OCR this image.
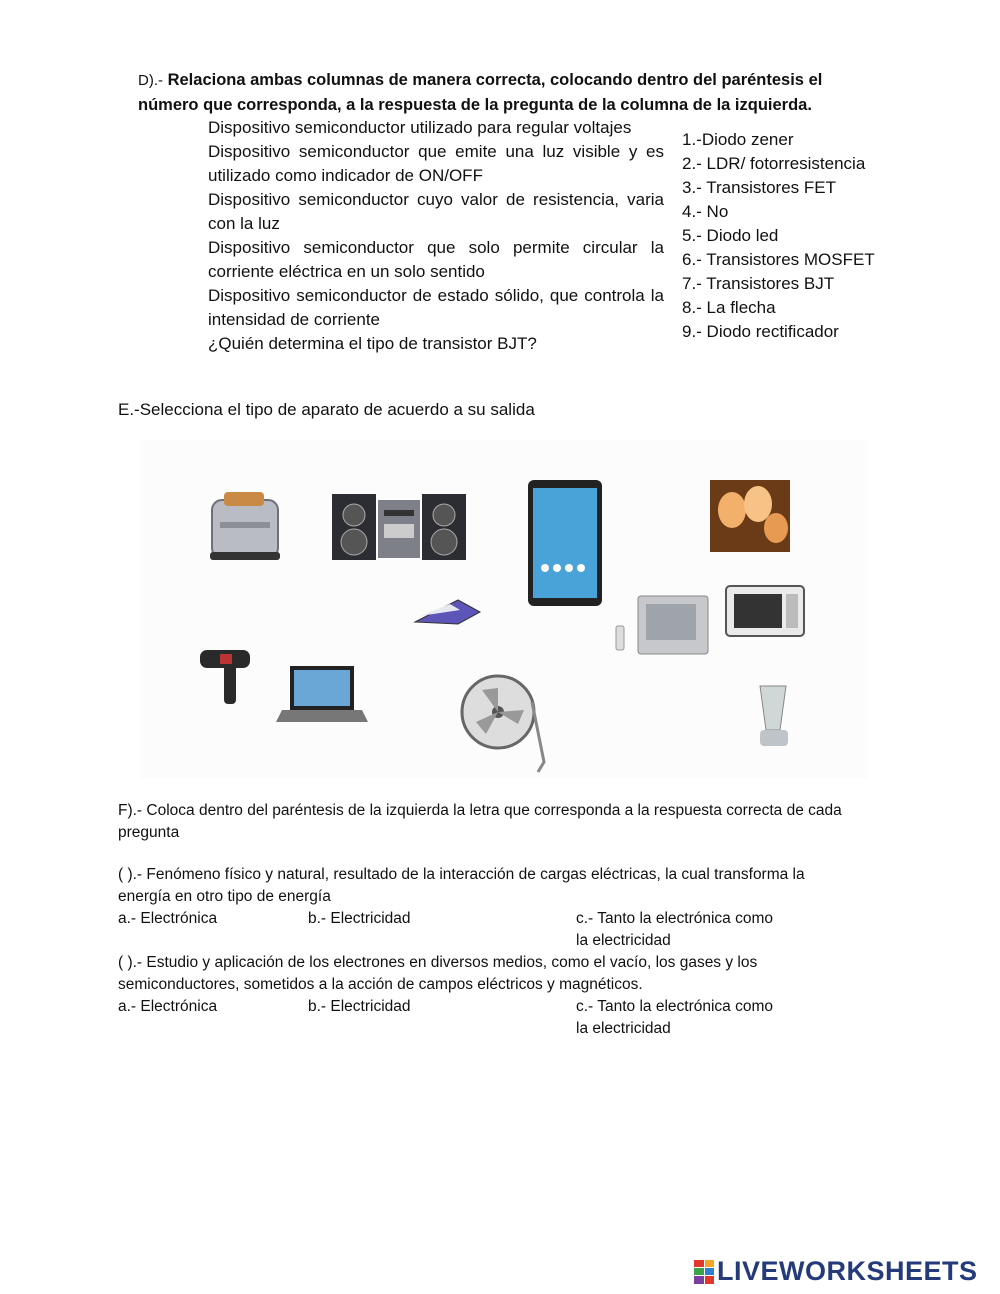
D).- Relaciona ambas columnas de manera correcta, colocando dentro del paréntesis el número que corresponda, a la respuesta de la pregunta de la columna de la izquierda.
Dispositivo semiconductor utilizado para regular voltajes
Dispositivo semiconductor que emite una luz visible y es utilizado como indicador de ON/OFF
Dispositivo semiconductor cuyo valor de resistencia, varia con la luz
Dispositivo semiconductor que solo permite circular la corriente eléctrica en un solo sentido
Dispositivo semiconductor de estado sólido, que controla la intensidad de corriente
¿Quién determina el tipo de transistor BJT?
1.-Diodo zener
2.- LDR/ fotorresistencia
3.- Transistores FET
4.- No
5.- Diodo led
6.- Transistores MOSFET
7.- Transistores BJT
8.- La flecha
9.- Diodo rectificador
E.-Selecciona el tipo de aparato de acuerdo a su salida
F).- Coloca dentro del paréntesis de la izquierda la letra que corresponda a la respuesta correcta de cada pregunta
( ).- Fenómeno físico y natural, resultado de la interacción de cargas eléctricas, la cual transforma la energía en otro tipo de energía
a.- Electrónica	b.- Electricidad	c.- Tanto la electrónica como
la electricidad
( ).- Estudio y aplicación de los electrones en diversos medios, como el vacío, los gases y los semiconductores, sometidos a la acción de campos eléctricos y magnéticos.
a.- Electrónica	b.- Electricidad	c.- Tanto la electrónica como
la electricidad
LIVEWORKSHEETS
